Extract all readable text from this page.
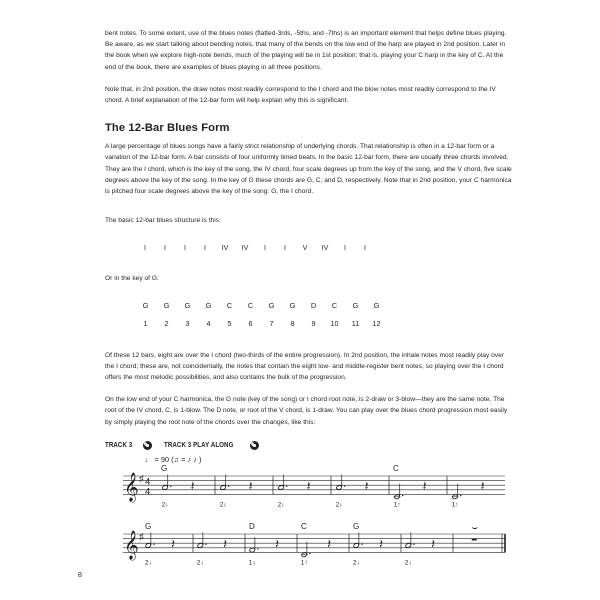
bent notes. To some extent, use of the blues notes (flatted-3rds, -5ths, and -7ths) is an important element that helps define blues playing. Be aware, as we start talking about bending notes, that many of the bends on the low end of the harp are played in 2nd position. Later in the book when we explore high-note bends, much of the playing will be in 1st position; that is, playing your C harp in the key of C. At the end of the book, there are examples of blues playing in all three positions.

Note that, in 2nd position, the draw notes most readily correspond to the I chord and the blow notes most readily correspond to the IV chord. A brief explanation of the 12-bar form will help explain why this is significant.

The 12-Bar Blues Form

A large percentage of blues songs have a fairly strict relationship of underlying chords. That relationship is often in a 12-bar form or a variation of the 12-bar form. A bar consists of four uniformly timed beats. In the basic 12-bar form, there are usually three chords involved. They are the I chord, which is the key of the song, the IV chord, four scale degrees up from the key of the song, and the V chord, five scale degrees above the key of the song. In the key of G these chords are G, C, and D, respectively. Note that in 2nd position, your C harmonica is pitched four scale degrees above the key of the song: G, the I chord.

The basic 12-bar blues structure is this:

I	I	I	I IV IV I	I V IV I	I

Or in the key of G:

G	G	G	G	C	C	G	G	D	C	G	G
1	2	3	4	5	6	7	8	9	10	11	12

Of these 12 bars, eight are over the I chord (two-thirds of the entire progression). In 2nd position, the inhale notes most readily play over the I chord; these are, not coincidentally, the notes that contain the eight low- and middle-register bent notes, so playing over the I chord offers the most melodic possibilities, and also contains the bulk of the progression.

On the low end of your C harmonica, the G note (key of the song) or I chord root note, is 2-draw or 3-blow—they are the same note. The root of the IV chord, C, is 1-blow. The D note, or root of the V chord, is 1-draw. You can play over the blues chord progression most easily by simply playing the root note of the chords over the changes, like this:

TRACK 3	TRACK 3 PLAY ALONG
𝄞 ♯ 4
4
G
𝄽
2↓
𝄽
2↓
𝄽
2↓
𝄽
2↓
C
𝄽
1↑
𝄽
1↑
♩ = 90 (♫ = ♪ ♪ )
𝄞 ♯
G
𝄽
2↓
𝄽
2↓
D
𝄽
1↓
C
𝄽
1↑
G
𝄽
2↓
𝄽
2↓
⌣
8
